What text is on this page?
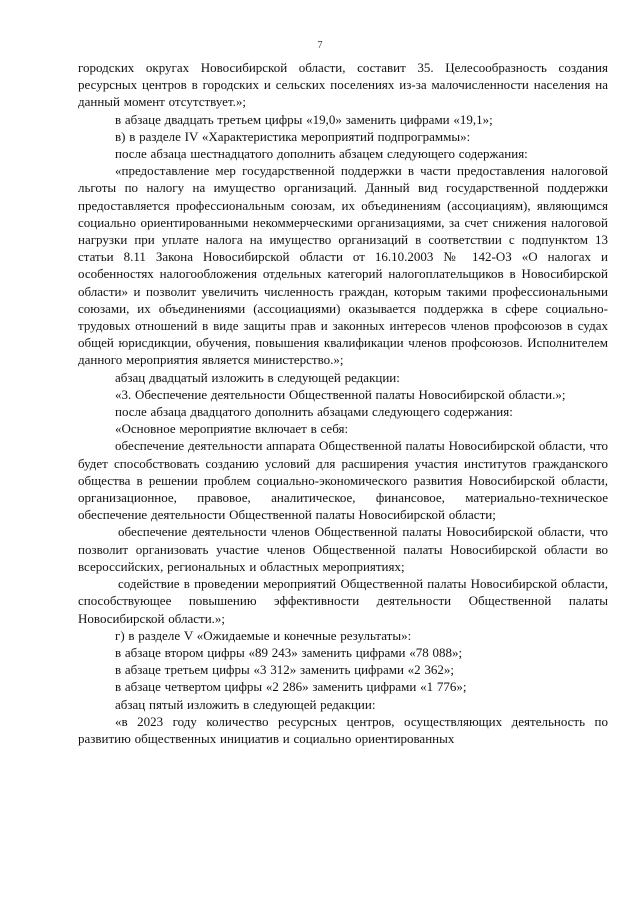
7

городских округах Новосибирской области, составит 35. Целесообразность создания ресурсных центров в городских и сельских поселениях из-за малочисленности населения на данный момент отсутствует.»;

в абзаце двадцать третьем цифры «19,0» заменить цифрами «19,1»;

в) в разделе IV «Характеристика мероприятий подпрограммы»:

после абзаца шестнадцатого дополнить абзацем следующего содержания:

«предоставление мер государственной поддержки в части предоставления налоговой льготы по налогу на имущество организаций. Данный вид государственной поддержки предоставляется профессиональным союзам, их объединениям (ассоциациям), являющимся социально ориентированными некоммерческими организациями, за счет снижения налоговой нагрузки при уплате налога на имущество организаций в соответствии с подпунктом 13 статьи 8.11 Закона Новосибирской области от 16.10.2003 № 142-ОЗ «О налогах и особенностях налогообложения отдельных категорий налогоплательщиков в Новосибирской области» и позволит увеличить численность граждан, которым такими профессиональными союзами, их объединениями (ассоциациями) оказывается поддержка в сфере социально-трудовых отношений в виде защиты прав и законных интересов членов профсоюзов в судах общей юрисдикции, обучения, повышения квалификации членов профсоюзов. Исполнителем данного мероприятия является министерство.»;

абзац двадцатый изложить в следующей редакции:

«3. Обеспечение деятельности Общественной палаты Новосибирской области.»;

после абзаца двадцатого дополнить абзацами следующего содержания:

«Основное мероприятие включает в себя:

обеспечение деятельности аппарата Общественной палаты Новосибирской области, что будет способствовать созданию условий для расширения участия институтов гражданского общества в решении проблем социально-экономического развития Новосибирской области, организационное, правовое, аналитическое, финансовое, материально-техническое обеспечение деятельности Общественной палаты Новосибирской области;

обеспечение деятельности членов Общественной палаты Новосибирской области, что позволит организовать участие членов Общественной палаты Новосибирской области во всероссийских, региональных и областных мероприятиях;

содействие в проведении мероприятий Общественной палаты Новосибирской области, способствующее повышению эффективности деятельности Общественной палаты Новосибирской области.»;

г) в разделе V «Ожидаемые и конечные результаты»:

в абзаце втором цифры «89 243» заменить цифрами «78 088»;

в абзаце третьем цифры «3 312» заменить цифрами «2 362»;

в абзаце четвертом цифры «2 286» заменить цифрами «1 776»;

абзац пятый изложить в следующей редакции:

«в 2023 году количество ресурсных центров, осуществляющих деятельность по развитию общественных инициатив и социально ориентированных
